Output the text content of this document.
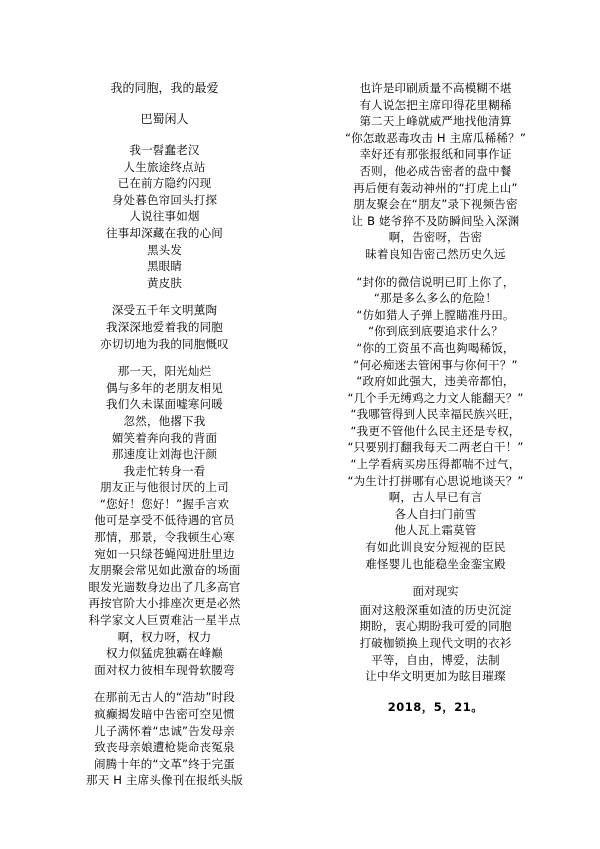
我的同胞，我的最爱
巴蜀闲人
我一髫蠢老汉
人生旅途终点站
已在前方隐约闪现
身处暮色帘回头打探
人说往事如烟
往事却深藏在我的心间
黑头发
黑眼睛
黄皮肤
深受五千年文明薰陶
我深深地爱着我的同胞
亦切切地为我的同胞慨叹
那一天，阳光灿烂
偶与多年的老朋友相见
我们久未谋面嘘寒问暖
忽然，他撂下我
媚笑着奔向我的背面
那速度让刘海也汗颜
我走忙转身一看
朋友正与他很讨厌的上司
“您好！您好！”握手言欢
他可是享受不低待遇的官员
那情，那景，令我顿生心寒
宛如一只绿苍蝇闯进肚里边
友朋聚会常见如此激奋的场面
眼发光遄数身边出了几多高官
再按官阶大小排座次更是必然
科学家文人巨贾难沾一星半点
啊，权力呀，权力
权力似猛虎独霸在峰巅
面对权力彼相车现骨软腰弯
在那前无古人的“浩劫”时段
疯癫揭发暗中告密可空见惯
儿子满怀着“忠诚”告发母亲
致丧母亲娘遭枪毙命丧冤泉
闹腾十年的“文革”终于完蛋
那天 H 主席头像刊在报纸头版
也许是印刷质量不高模糊不堪
有人说怎把主席印得花里糊稀
第二天上峰就威严地找他清算
“你怎敢恶毒攻击 H 主席瓜稀稀？”
幸好还有那张报纸和同事作证
否则，他必成告密者的盘中餐
再后便有轰动神州的“打虎上山”
朋友聚会在“朋友”录下视频告密
让 B 姥爷猝不及防瞬间坠入深渊
啊，告密呀，告密
昧着良知告密己然历史久远
“封你的微信说明已盯上你了，
“那是多么多么的危险！
“仿如猎人子弹上膛瞄准丹田。
“你到底到底要追求什么？
“你的工资虽不高也夠喝稀饭，
“何必痴迷去管闲事与你何干？”
“政府如此强大，违美帝都怕，
“几个手无缚鸡之力文人能翻天？”
“我哪管得到人民幸福民族兴旺，
“我更不管他什么民主还是专权，
“只要别打翻我每天二两老白干！”
“上学看病买房压得都喘不过气，
“为生计打拼哪有心思说地谈天？”
啊，古人早已有言
各人自扫门前雪
他人瓦上霜莫管
有如此训良安分短视的臣民
难怪婴儿也能稳坐金銮宝殿
面对现实
面对这般深重如渣的历史沉淀
期盼，衷心期盼我可爱的同胞
打破枷锁换上现代文明的衣衫
平等，自由，博爱，法制
让中华文明更加为眩目璀璨
2018，5，21。
